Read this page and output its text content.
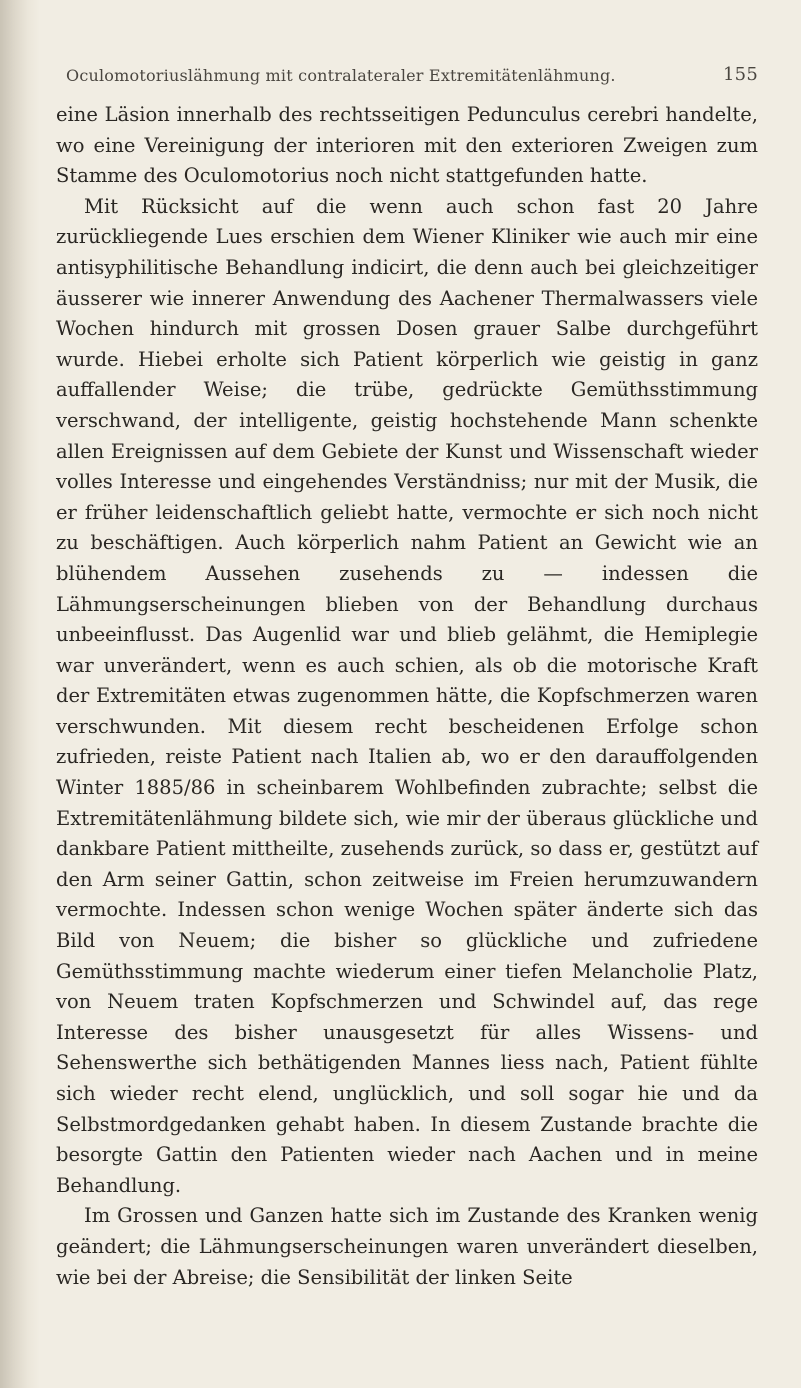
Oculomotoriuslähmung mit contralateraler Extremitätenlähmung.	155

eine Läsion innerhalb des rechtsseitigen Pedunculus cerebri handelte, wo eine Vereinigung der interioren mit den exterioren Zweigen zum Stamme des Oculomotorius noch nicht stattgefunden hatte.

Mit Rücksicht auf die wenn auch schon fast 20 Jahre zurückliegende Lues erschien dem Wiener Kliniker wie auch mir eine antisyphilitische Behandlung indicirt, die denn auch bei gleichzeitiger äusserer wie innerer Anwendung des Aachener Thermalwassers viele Wochen hindurch mit grossen Dosen grauer Salbe durchgeführt wurde. Hiebei erholte sich Patient körperlich wie geistig in ganz auffallender Weise; die trübe, gedrückte Gemüthsstimmung verschwand, der intelligente, geistig hochstehende Mann schenkte allen Ereignissen auf dem Gebiete der Kunst und Wissenschaft wieder volles Interesse und eingehendes Verständniss; nur mit der Musik, die er früher leidenschaftlich geliebt hatte, vermochte er sich noch nicht zu beschäftigen. Auch körperlich nahm Patient an Gewicht wie an blühendem Aussehen zusehends zu — indessen die Lähmungserscheinungen blieben von der Behandlung durchaus unbeeinflusst. Das Augenlid war und blieb gelähmt, die Hemiplegie war unverändert, wenn es auch schien, als ob die motorische Kraft der Extremitäten etwas zugenommen hätte, die Kopfschmerzen waren verschwunden. Mit diesem recht bescheidenen Erfolge schon zufrieden, reiste Patient nach Italien ab, wo er den darauffolgenden Winter 1885/86 in scheinbarem Wohlbefinden zubrachte; selbst die Extremitätenlähmung bildete sich, wie mir der überaus glückliche und dankbare Patient mittheilte, zusehends zurück, so dass er, gestützt auf den Arm seiner Gattin, schon zeitweise im Freien herumzuwandern vermochte. Indessen schon wenige Wochen später änderte sich das Bild von Neuem; die bisher so glückliche und zufriedene Gemüthsstimmung machte wiederum einer tiefen Melancholie Platz, von Neuem traten Kopfschmerzen und Schwindel auf, das rege Interesse des bisher unausgesetzt für alles Wissens- und Sehenswerthe sich bethätigenden Mannes liess nach, Patient fühlte sich wieder recht elend, unglücklich, und soll sogar hie und da Selbstmordgedanken gehabt haben. In diesem Zustande brachte die besorgte Gattin den Patienten wieder nach Aachen und in meine Behandlung.

Im Grossen und Ganzen hatte sich im Zustande des Kranken wenig geändert; die Lähmungserscheinungen waren unverändert dieselben, wie bei der Abreise; die Sensibilität der linken Seite
